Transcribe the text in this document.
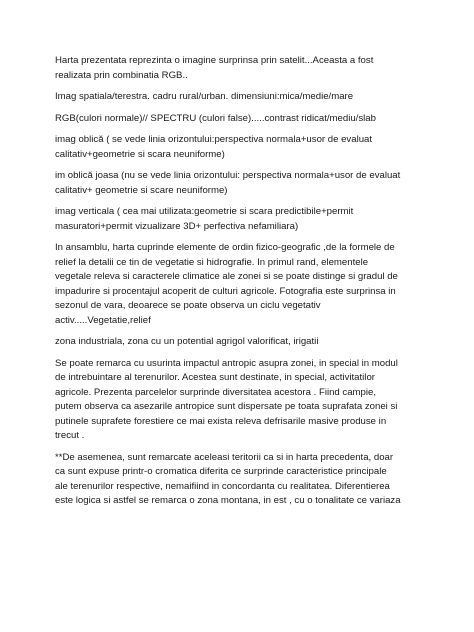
Harta prezentata reprezinta o imagine surprinsa prin satelit...Aceasta a fost
realizata prin combinatia RGB..

Imag spatiala/terestra. cadru rural/urban. dimensiuni:mica/medie/mare

RGB(culori normale)// SPECTRU (culori false).....contrast ridicat/mediu/slab

imag oblică ( se vede linia orizontului:perspectiva normala+usor de evaluat
calitativ+geometrie si scara neuniforme)

im oblică joasa (nu se vede linia orizontului: perspectiva normala+usor de evaluat
calitativ+ geometrie si scare neuniforme)

imag verticala ( cea mai utilizata:geometrie si scara predictibile+permit
masuratori+permit vizualizare 3D+ perfectiva nefamiliara)

In ansamblu, harta cuprinde elemente de ordin fizico-geografic ,de la formele de
relief la detalii ce tin de vegetatie si hidrografie. In primul rand, elementele
vegetale releva si caracterele climatice ale zonei si se poate distinge si gradul de
impadurire si procentajul acoperit de culturi agricole. Fotografia este surprinsa in
sezonul de vara, deoarece se poate observa un ciclu vegetativ
activ.....Vegetatie,relief

zona industriala, zona cu un potential agrigol valorificat, irigatii

Se poate remarca cu usurinta impactul antropic asupra zonei, in special in modul
de intrebuintare al terenurilor. Acestea sunt destinate, in special, activitatilor
agricole. Prezenta parcelelor surprinde diversitatea acestora . Fiind campie,
putem observa ca asezarile antropice sunt dispersate pe toata suprafata zonei si
putinele suprafete forestiere ce mai exista releva defrisarile masive produse in
trecut .

**De asemenea, sunt remarcate aceleasi teritorii ca si in harta precedenta, doar
ca sunt expuse printr-o cromatica diferita ce surprinde caracteristice principale
ale terenurilor respective, nemaifiind in concordanta cu realitatea. Diferentierea
este logica si astfel se remarca o zona montana, in est , cu o tonalitate ce variaza
